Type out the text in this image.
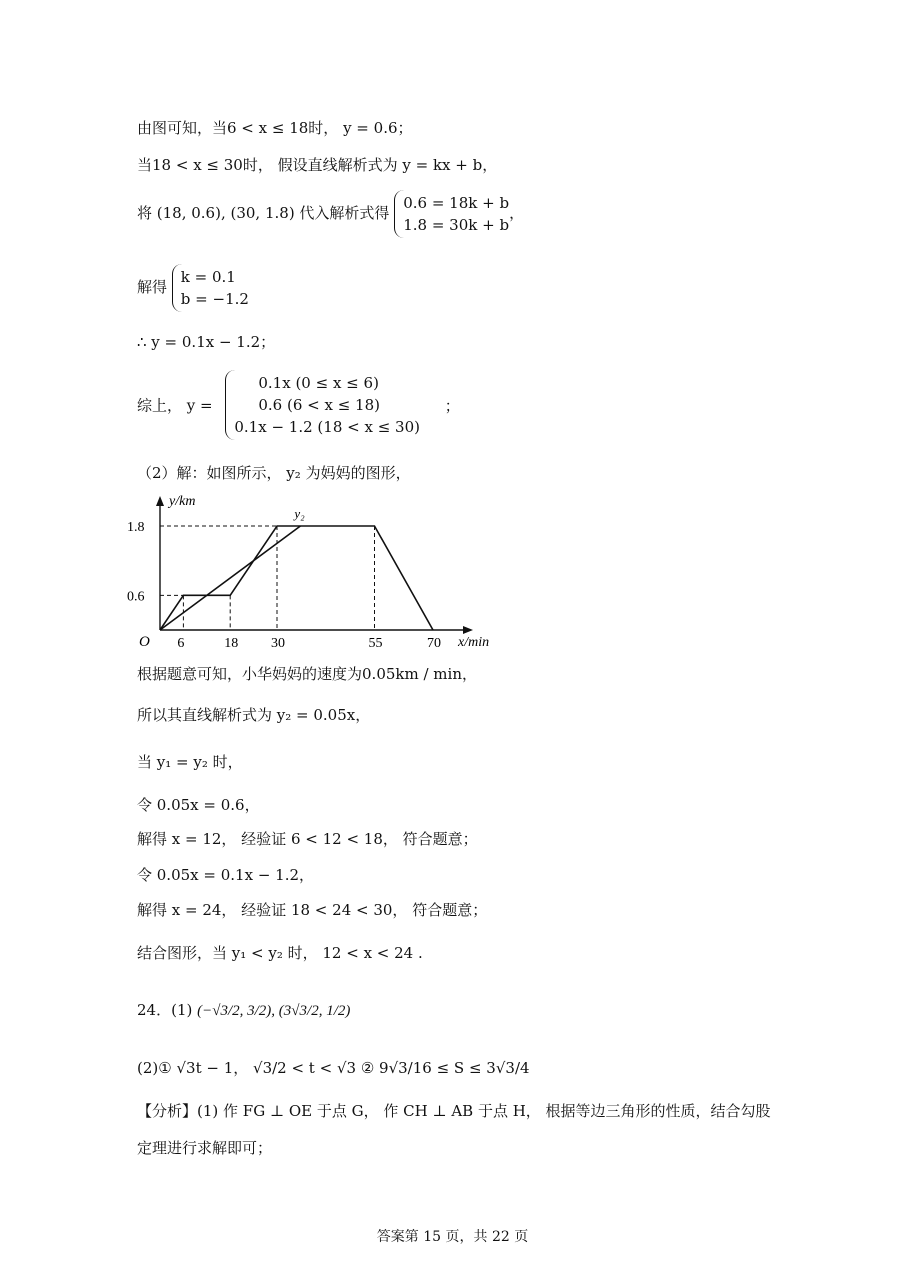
由图可知，当6 < x ≤ 18时， y = 0.6；
当18 < x ≤ 30时， 假设直线解析式为 y = kx + b，
将 (18, 0.6), (30, 1.8) 代入解析式得
0.6 = 18k + b
1.8 = 30k + b
，
解得
k = 0.1
b = −1.2
∴ y = 0.1x − 1.2；
综上， y =
0.1x (0 ≤ x ≤ 6)
0.6 (6 < x ≤ 18)
0.1x − 1.2 (18 < x ≤ 30)
；
（2）解：如图所示， y₂ 为妈妈的图形，
y/km
x/min
O 6	18 30	55	70
0.6
1.8
y₂
根据题意可知，小华妈妈的速度为0.05km / min，
所以其直线解析式为 y₂ = 0.05x，
当 y₁ = y₂ 时，
令 0.05x = 0.6，
解得 x = 12， 经验证 6 < 12 < 18， 符合题意；
令 0.05x = 0.1x − 1.2，
解得 x = 24， 经验证 18 < 24 < 30， 符合题意；
结合图形，当 y₁ < y₂ 时， 12 < x < 24 .
24．(1) (−√3/2, 3/2), (3√3/2, 1/2)
(2)① √3t − 1， √3/2 < t < √3 ② 9√3/16 ≤ S ≤ 3√3/4
【分析】(1) 作 FG ⊥ OE 于点 G， 作 CH ⊥ AB 于点 H， 根据等边三角形的性质，结合勾股
定理进行求解即可；
答案第 15 页，共 22 页
